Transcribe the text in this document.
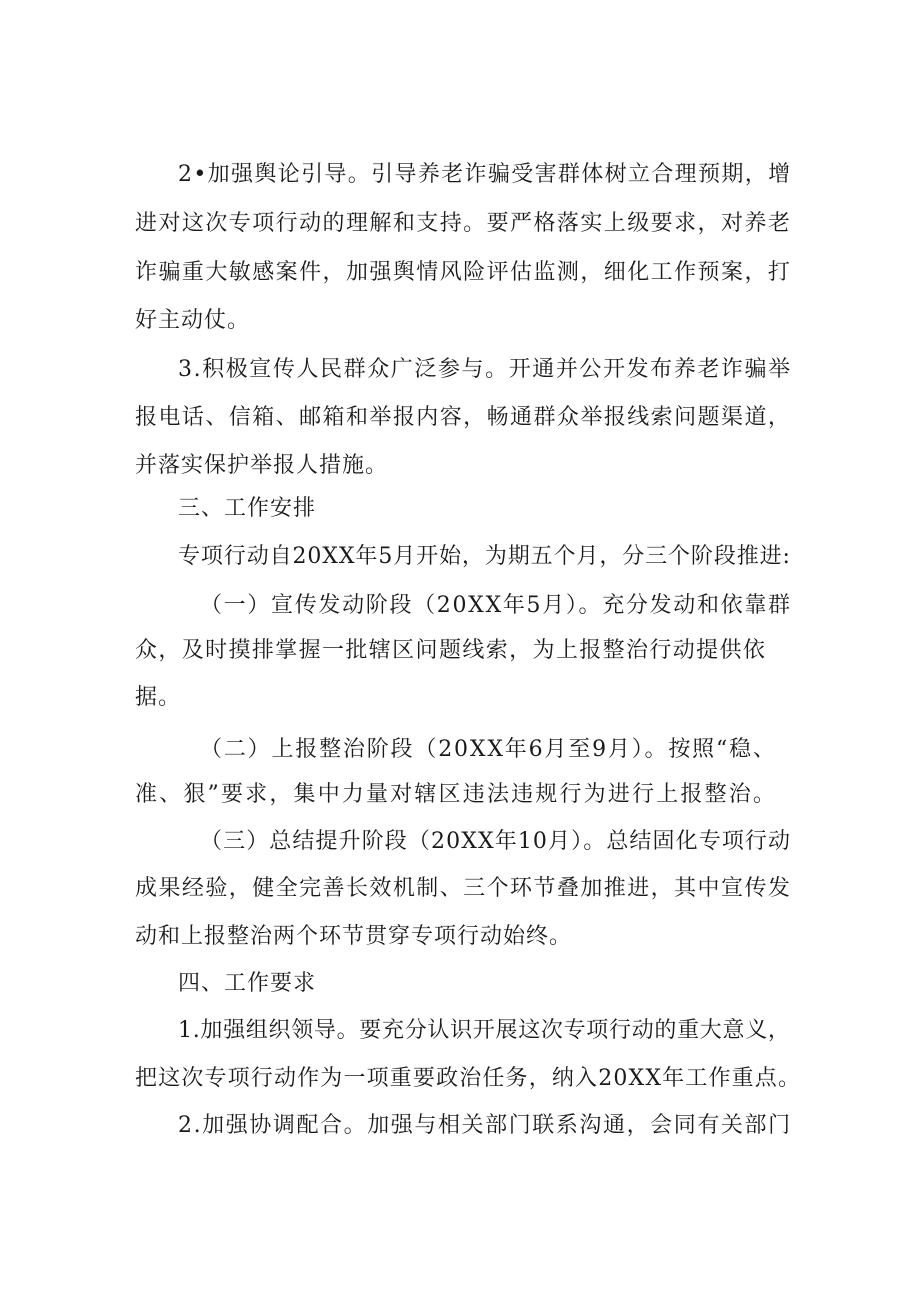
2•加强舆论引导。引导养老诈骗受害群体树立合理预期，增
进对这次专项行动的理解和支持。要严格落实上级要求，对养老
诈骗重大敏感案件，加强舆情风险评估监测，细化工作预案，打
好主动仗。
3.积极宣传人民群众广泛参与。开通并公开发布养老诈骗举
报电话、信箱、邮箱和举报内容，畅通群众举报线索问题渠道，
并落实保护举报人措施。
三、工作安排
专项行动自20XX年5月开始，为期五个月，分三个阶段推进:
（一）宣传发动阶段（20XX年5月）。充分发动和依靠群
众，及时摸排掌握一批辖区问题线索，为上报整治行动提供依
据。
（二）上报整治阶段（20XX年6月至9月）。按照“稳、
准、狠”要求，集中力量对辖区违法违规行为进行上报整治。
（三）总结提升阶段（20XX年10月）。总结固化专项行动
成果经验，健全完善长效机制、三个环节叠加推进，其中宣传发
动和上报整治两个环节贯穿专项行动始终。
四、工作要求
1.加强组织领导。要充分认识开展这次专项行动的重大意义，
把这次专项行动作为一项重要政治任务，纳入20XX年工作重点。
2.加强协调配合。加强与相关部门联系沟通，会同有关部门
